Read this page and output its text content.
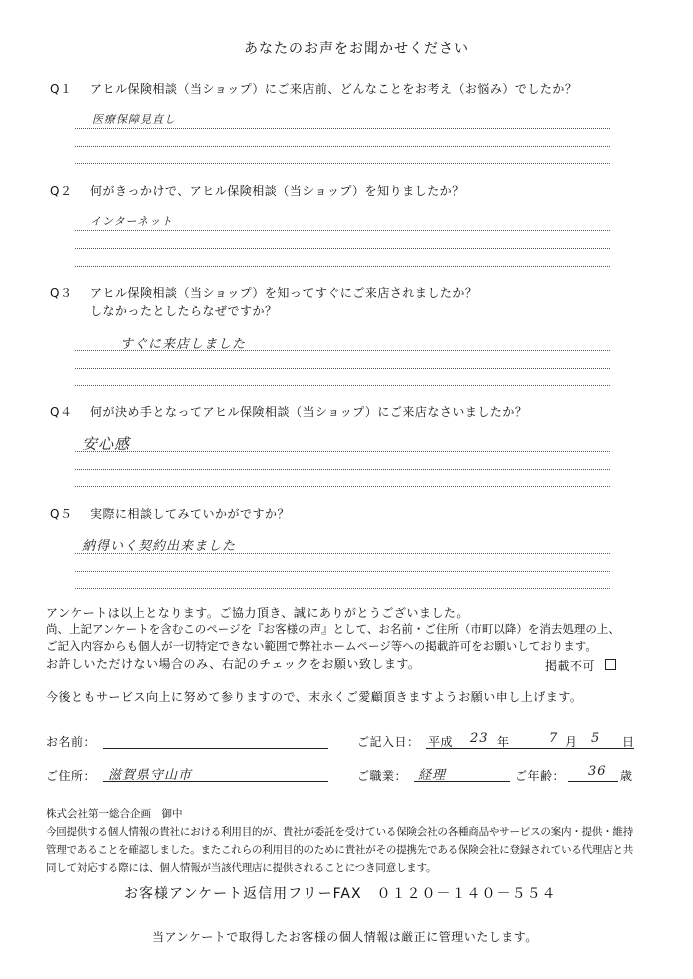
あなたのお声をお聞かせください
Q１ アヒル保険相談（当ショップ）にご来店前、どんなことをお考え（お悩み）でしたか？
医療保障見直し
Q２ 何がきっかけで、アヒル保険相談（当ショップ）を知りましたか？
インターネット
Q３ アヒル保険相談（当ショップ）を知ってすぐにご来店されましたか？
しなかったとしたらなぜですか？
すぐに来店しました
Q４ 何が決め手となってアヒル保険相談（当ショップ）にご来店なさいましたか？
安心感
Q５ 実際に相談してみていかがですか？
納得いく契約出来ました
アンケートは以上となります。ご協力頂き、誠にありがとうございました。
尚、上記アンケートを含むこのページを『お客様の声』として、お名前・ご住所（市町以降）を消去処理の上、
ご記入内容からも個人が一切特定できない範囲で弊社ホームページ等への掲載許可をお願いしております。
お許しいただけない場合のみ、右記のチェックをお願い致します。	掲載不可
今後ともサービス向上に努めて参りますので、末永くご愛顧頂きますようお願い申し上げます。
お名前：	ご記入日： 平成 23 年	7 月 5 日
ご住所： 滋賀県守山市	ご職業： 経理	ご年齢： 36 歳
株式会社第一総合企画　御中
今回提供する個人情報の貴社における利用目的が、貴社が委託を受けている保険会社の各種商品やサービスの案内・提供・維持
管理であることを確認しました。またこれらの利用目的のために貴社がその提携先である保険会社に登録されている代理店と共
同して対応する際には、個人情報が当該代理店に提供されることにつき同意します。
お客様アンケート返信用フリーFAX　０１２０－１４０－５５４
当アンケートで取得したお客様の個人情報は厳正に管理いたします。
